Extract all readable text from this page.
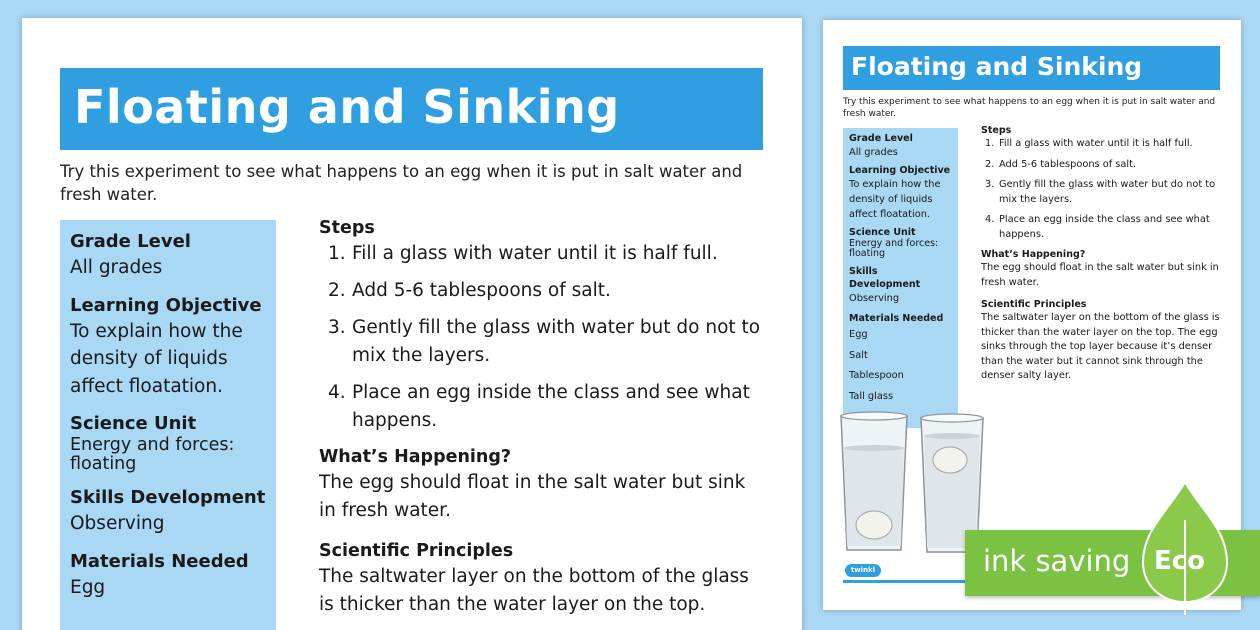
Floating and Sinking
Try this experiment to see what happens to an egg when it is put in salt water and fresh water.
Grade Level
All grades
Learning Objective
To explain how the density of liquids affect floatation.
Science Unit
Energy and forces: floating
Skills Development
Observing
Materials Needed
Egg
Steps
1. Fill a glass with water until it is half full.
2. Add 5-6 tablespoons of salt.
3. Gently fill the glass with water but do not to mix the layers.
4. Place an egg inside the class and see what happens.
What’s Happening?

The egg should float in the salt water but sink in fresh water.

Scientific Principles

The saltwater layer on the bottom of the glass is thicker than the water layer on the top.

Floating and Sinking
Try this experiment to see what happens to an egg when it is put in salt water and fresh water.
Grade Level
All grades
Learning Objective
To explain how the density of liquids affect floatation.
Science Unit
Energy and forces: floating
Skills Development
Observing
Materials Needed
Egg
Salt
Tablespoon
Tall glass
Steps
1. Fill a glass with water until it is half full.
2. Add 5-6 tablespoons of salt.
3. Gently fill the glass with water but do not to mix the layers.
4. Place an egg inside the class and see what happens.
What’s Happening?

The egg should float in the salt water but sink in fresh water.

Scientific Principles

The saltwater layer on the bottom of the glass is thicker than the water layer on the top. The egg sinks through the top layer because it’s denser than the water but it cannot sink through the denser salty layer.

twinkl	ink saving Eco
